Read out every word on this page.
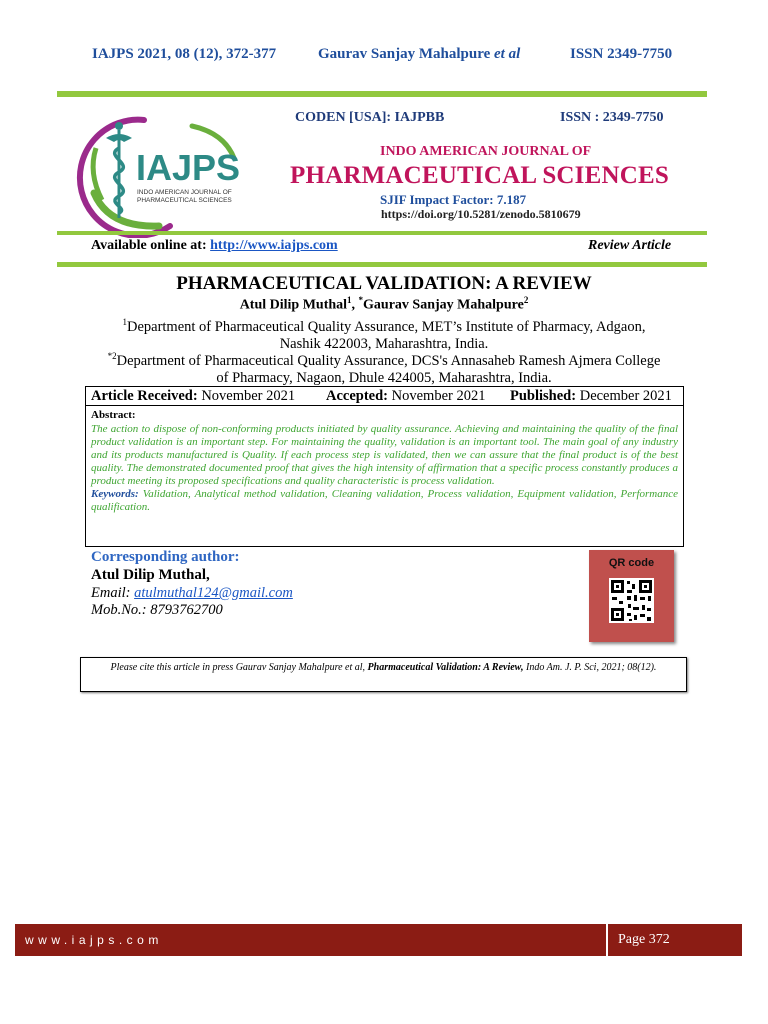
IAJPS 2021, 08 (12), 372-377	Gaurav Sanjay Mahalpure et al	ISSN 2349-7750
IAJPS
INDO AMERICAN JOURNAL OF
PHARMACEUTICAL SCIENCES
CODEN [USA]: IAJPBB	ISSN : 2349-7750
INDO AMERICAN JOURNAL OF
PHARMACEUTICAL SCIENCES
SJIF Impact Factor: 7.187
https://doi.org/10.5281/zenodo.5810679
Available online at: http://www.iajps.com	Review Article
PHARMACEUTICAL VALIDATION: A REVIEW
Atul Dilip Muthal$^1$, *Gaurav Sanjay Mahalpure$^2$
$^1$Department of Pharmaceutical Quality Assurance, MET’s Institute of Pharmacy, Adgaon,
Nashik 422003, Maharashtra, India.
$^{*2}$Department of Pharmaceutical Quality Assurance, DCS's Annasaheb Ramesh Ajmera College
of Pharmacy, Nagaon, Dhule 424005, Maharashtra, India.
Article Received: November 2021 Accepted: November 2021 Published: December 2021
Abstract:
The action to dispose of non-conforming products initiated by quality assurance. Achieving and maintaining the quality of the final product validation is an important step. For maintaining the quality, validation is an important tool. The main goal of any industry and its products manufactured is Quality. If each process step is validated, then we can assure that the final product is of the best quality. The demonstrated documented proof that gives the high intensity of affirmation that a specific process constantly produces a product meeting its proposed specifications and quality characteristic is process validation.
Keywords: Validation, Analytical method validation, Cleaning validation, Process validation, Equipment validation, Performance qualification.
Corresponding author:
Atul Dilip Muthal,
Email: atulmuthal124@gmail.com
Mob.No.: 8793762700
QR code
Please cite this article in press Gaurav Sanjay Mahalpure et al, Pharmaceutical Validation: A Review, Indo Am. J. P. Sci, 2021; 08(12).
www.iajps.com	Page 372
